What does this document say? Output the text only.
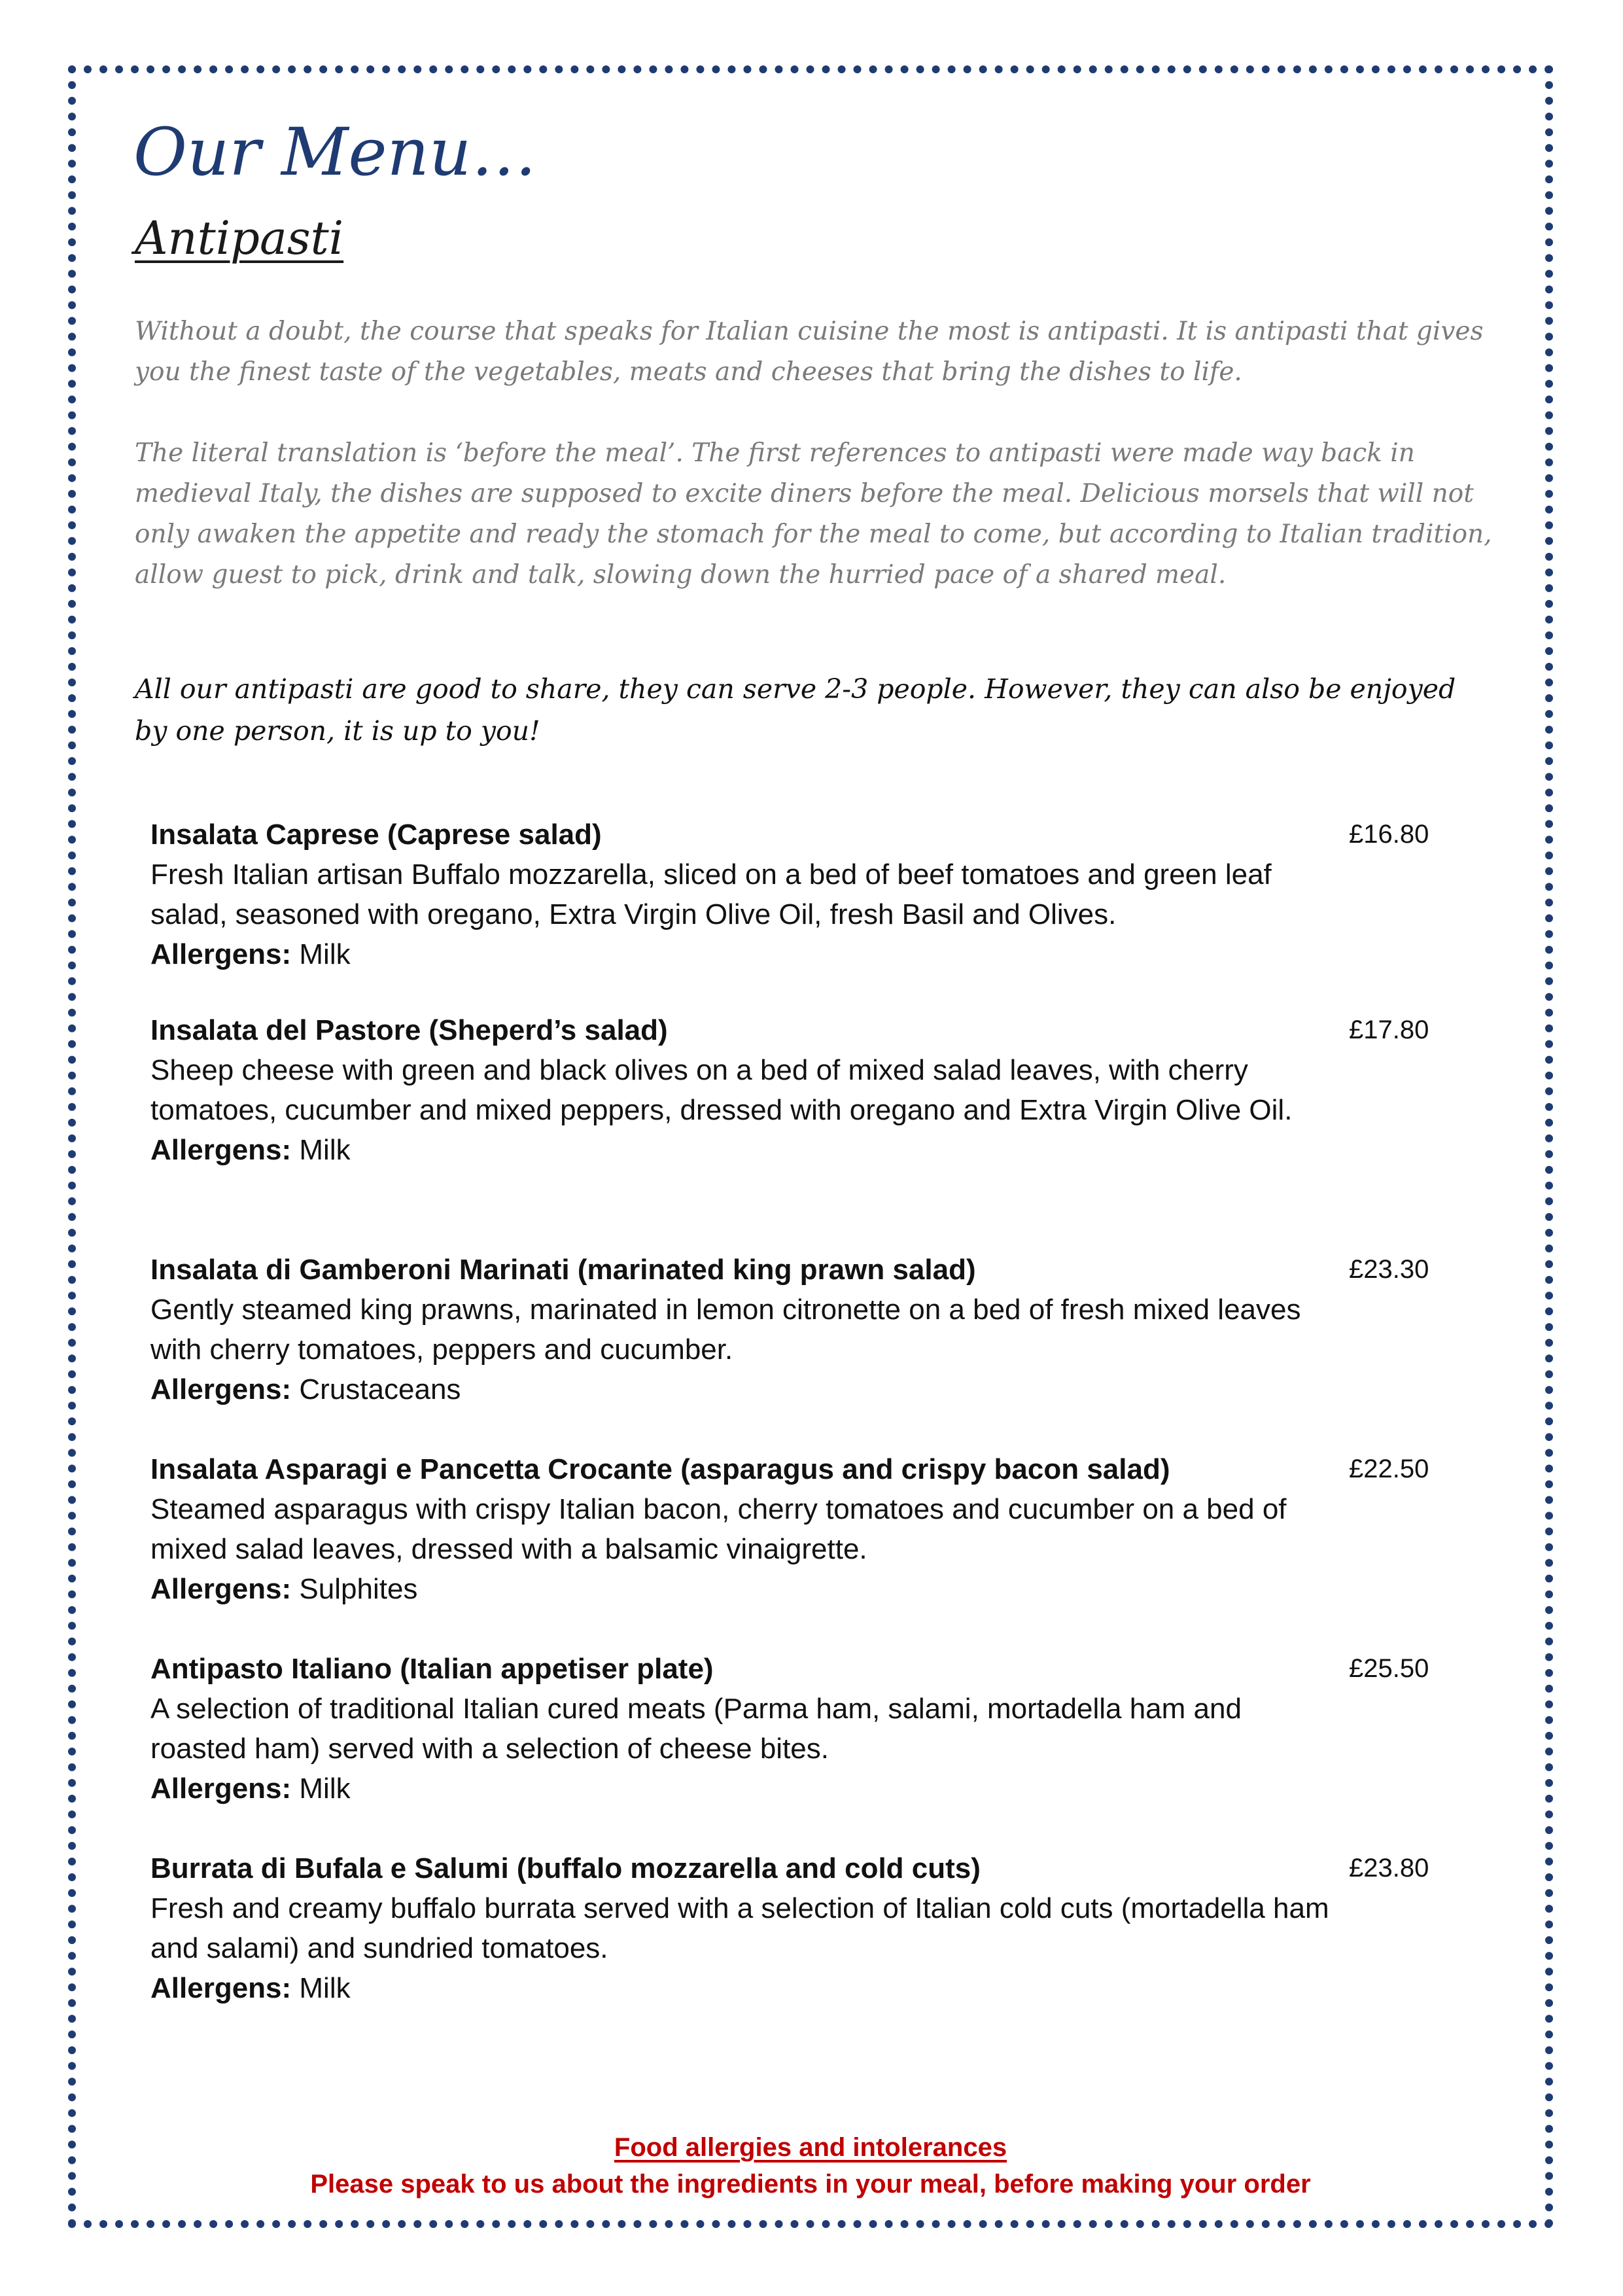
Our Menu…
Antipasti

Without a doubt, the course that speaks for Italian cuisine the most is antipasti. It is antipasti that gives you the finest taste of the vegetables, meats and cheeses that bring the dishes to life.

The literal translation is ‘before the meal’. The first references to antipasti were made way back in medieval Italy, the dishes are supposed to excite diners before the meal. Delicious morsels that will not only awaken the appetite and ready the stomach for the meal to come, but according to Italian tradition, allow guest to pick, drink and talk, slowing down the hurried pace of a shared meal.

All our antipasti are good to share, they can serve 2-3 people. However, they can also be enjoyed by one person, it is up to you!

Insalata Caprese (Caprese salad)
Fresh Italian artisan Buffalo mozzarella, sliced on a bed of beef tomatoes and green leaf salad, seasoned with oregano, Extra Virgin Olive Oil, fresh Basil and Olives.
Allergens: Milk
£16.80
Insalata del Pastore (Sheperd’s salad)
Sheep cheese with green and black olives on a bed of mixed salad leaves, with cherry tomatoes, cucumber and mixed peppers, dressed with oregano and Extra Virgin Olive Oil.
Allergens: Milk
£17.80
Insalata di Gamberoni Marinati (marinated king prawn salad)
Gently steamed king prawns, marinated in lemon citronette on a bed of fresh mixed leaves with cherry tomatoes, peppers and cucumber.
Allergens: Crustaceans
£23.30
Insalata Asparagi e Pancetta Crocante (asparagus and crispy bacon salad)
Steamed asparagus with crispy Italian bacon, cherry tomatoes and cucumber on a bed of mixed salad leaves, dressed with a balsamic vinaigrette.
Allergens: Sulphites
£22.50
Antipasto Italiano (Italian appetiser plate)
A selection of traditional Italian cured meats (Parma ham, salami, mortadella ham and roasted ham) served with a selection of cheese bites.
Allergens: Milk
£25.50
Burrata di Bufala e Salumi (buffalo mozzarella and cold cuts)
Fresh and creamy buffalo burrata served with a selection of Italian cold cuts (mortadella ham and salami) and sundried tomatoes.
Allergens: Milk
£23.80
Food allergies and intolerances
Please speak to us about the ingredients in your meal, before making your order
